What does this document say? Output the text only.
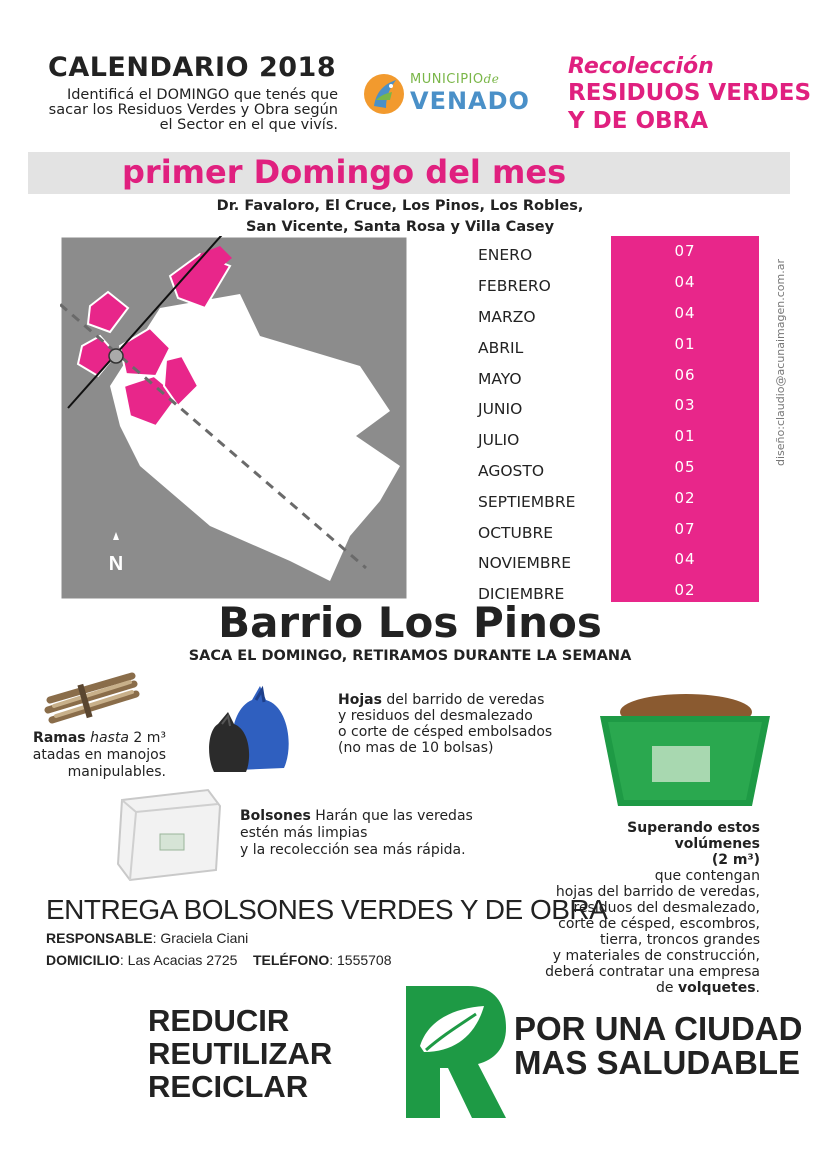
CALENDARIO 2018
Identificá el DOMINGO que tenés que sacar los Residuos Verdes y Obra según el Sector en el que vivís.
MUNICIPIOde
VENADO
Recolección
RESIDUOS VERDES
Y DE OBRA
primer Domingo del mes
Dr. Favaloro, El Cruce, Los Pinos, Los Robles,
San Vicente, Santa Rosa y Villa Casey
N
ENERO
FEBRERO
MARZO
ABRIL
MAYO
JUNIO
JULIO
AGOSTO
SEPTIEMBRE
OCTUBRE
NOVIEMBRE
DICIEMBRE
07
04
04
01
06
03
01
05
02
07
04
02
diseño:claudio@acunaimagen.com.ar
Barrio Los Pinos
SACA EL DOMINGO, RETIRAMOS DURANTE LA SEMANA
Ramas hasta 2 m³
atadas en manojos manipulables.
Hojas del barrido de veredas
y residuos del desmalezado
o corte de césped embolsados
(no mas de 10 bolsas)
Bolsones Harán que las veredas
estén más limpias
y la recolección sea más rápida.
Superando estos volúmenes
(2 m³)
que contengan
hojas del barrido de veredas,
residuos del desmalezado,
corte de césped, escombros,
tierra, troncos grandes
y materiales de construcción,
deberá contratar una empresa
de volquetes.
ENTREGA BOLSONES VERDES Y DE OBRA
RESPONSABLE: Graciela Ciani
DOMICILIO: Las Acacias 2725 TELÉFONO: 1555708
REDUCIR
REUTILIZAR
RECICLAR
POR UNA CIUDAD
MAS SALUDABLE
